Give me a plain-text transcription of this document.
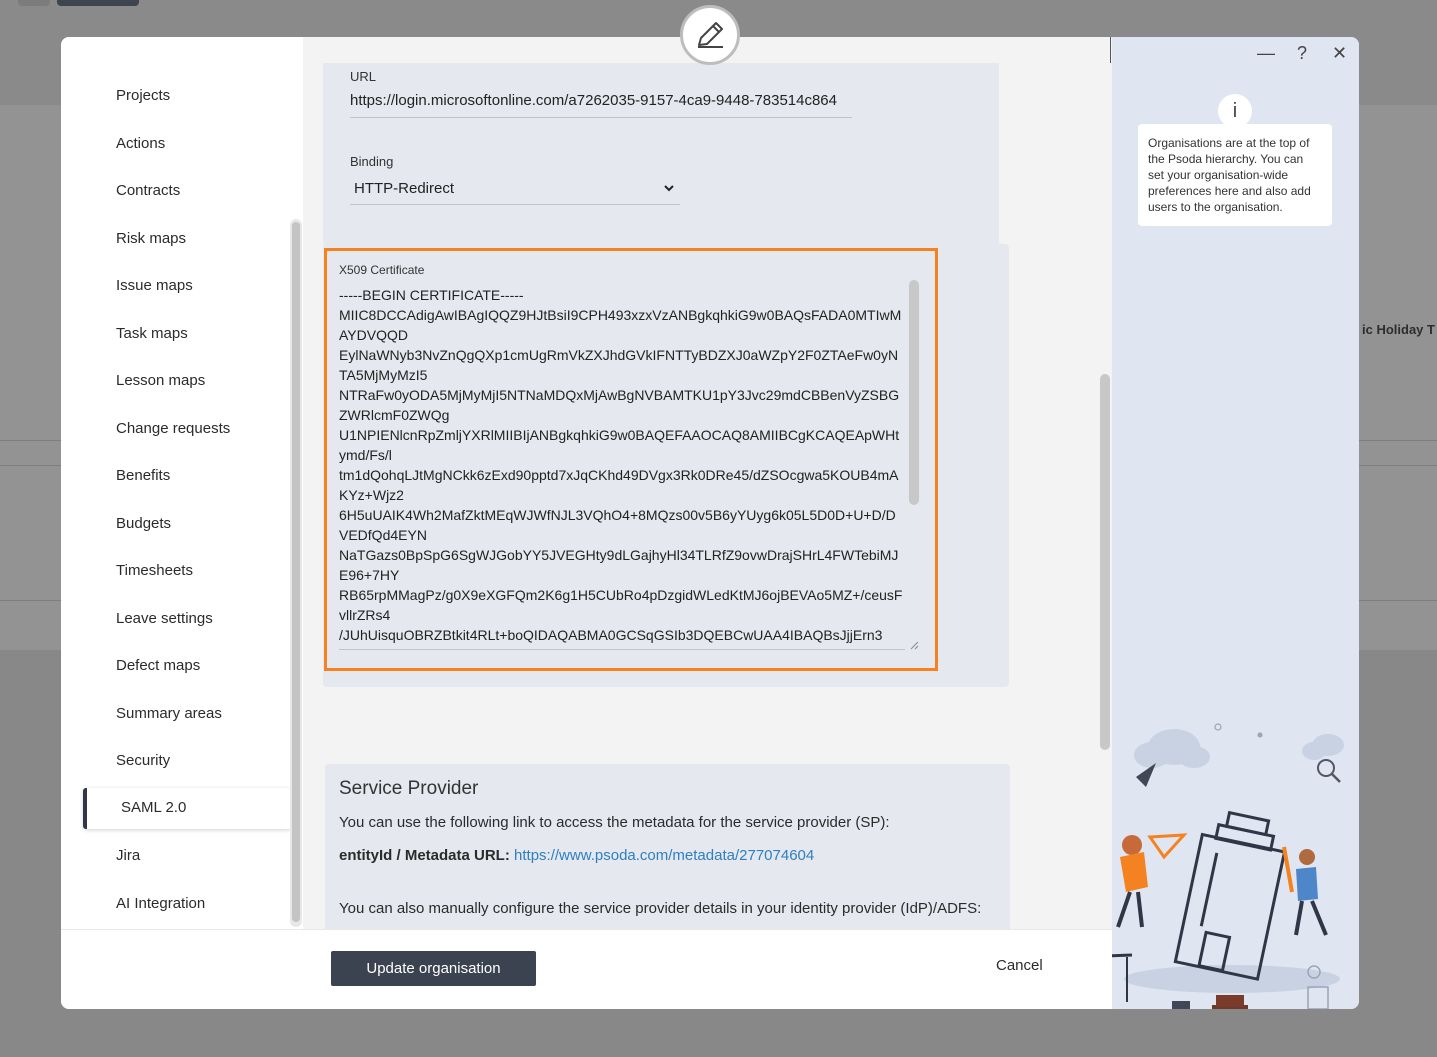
ic Holiday T
Projects
Actions
Contracts
Risk maps
Issue maps
Task maps
Lesson maps
Change requests
Benefits
Budgets
Timesheets
Leave settings
Defect maps
Summary areas
Security
SAML 2.0
Jira
AI Integration
URL
https://login.microsoftonline.com/a7262035-9157-4ca9-9448-783514c864
Binding
HTTP-Redirect
X509 Certificate
-----BEGIN CERTIFICATE-----
MIIC8DCCAdigAwIBAgIQQZ9HJtBsiI9CPH493xzxVzANBgkqhkiG9w0BAQsFADA0MTIwMAYDVQQD
EylNaWNyb3NvZnQgQXp1cmUgRmVkZXJhdGVkIFNTTyBDZXJ0aWZpY2F0ZTAeFw0yNTA5MjMyMzI5
NTRaFw0yODA5MjMyMjI5NTNaMDQxMjAwBgNVBAMTKU1pY3Jvc29mdCBBenVyZSBGZWRlcmF0ZWQg
U1NPIENlcnRpZmljYXRlMIIBIjANBgkqhkiG9w0BAQEFAAOCAQ8AMIIBCgKCAQEApWHtymd/Fs/l
tm1dQohqLJtMgNCkk6zExd90pptd7xJqCKhd49DVgx3Rk0DRe45/dZSOcgwa5KOUB4mAKYz+Wjz2
6H5uUAIK4Wh2MafZktMEqWJWfNJL3VQhO4+8MQzs00v5B6yYUyg6k05L5D0D+U+D/DVEDfQd4EYN
NaTGazs0BpSpG6SgWJGobYY5JVEGHty9dLGajhyHl34TLRfZ9ovwDrajSHrL4FWTebiMJE96+7HY
RB65rpMMagPz/g0X9eXGFQm2K6g1H5CUbRo4pDzgidWLedKtMJ6ojBEVAo5MZ+/ceusFvllrZRs4
/JUhUisquOBRZBtkit4RLt+boQIDAQABMA0GCSqGSIb3DQEBCwUAA4IBAQBsJjjErn3
Service Provider
You can use the following link to access the metadata for the service provider (SP):
entityId / Metadata URL: https://www.psoda.com/metadata/277074604
You can also manually configure the service provider details in your identity provider (IdP)/ADFS:
Update organisation	Cancel
— ? ✕
i
Organisations are at the top of the Psoda hierarchy. You can set your organisation-wide preferences here and also add users to the organisation.
